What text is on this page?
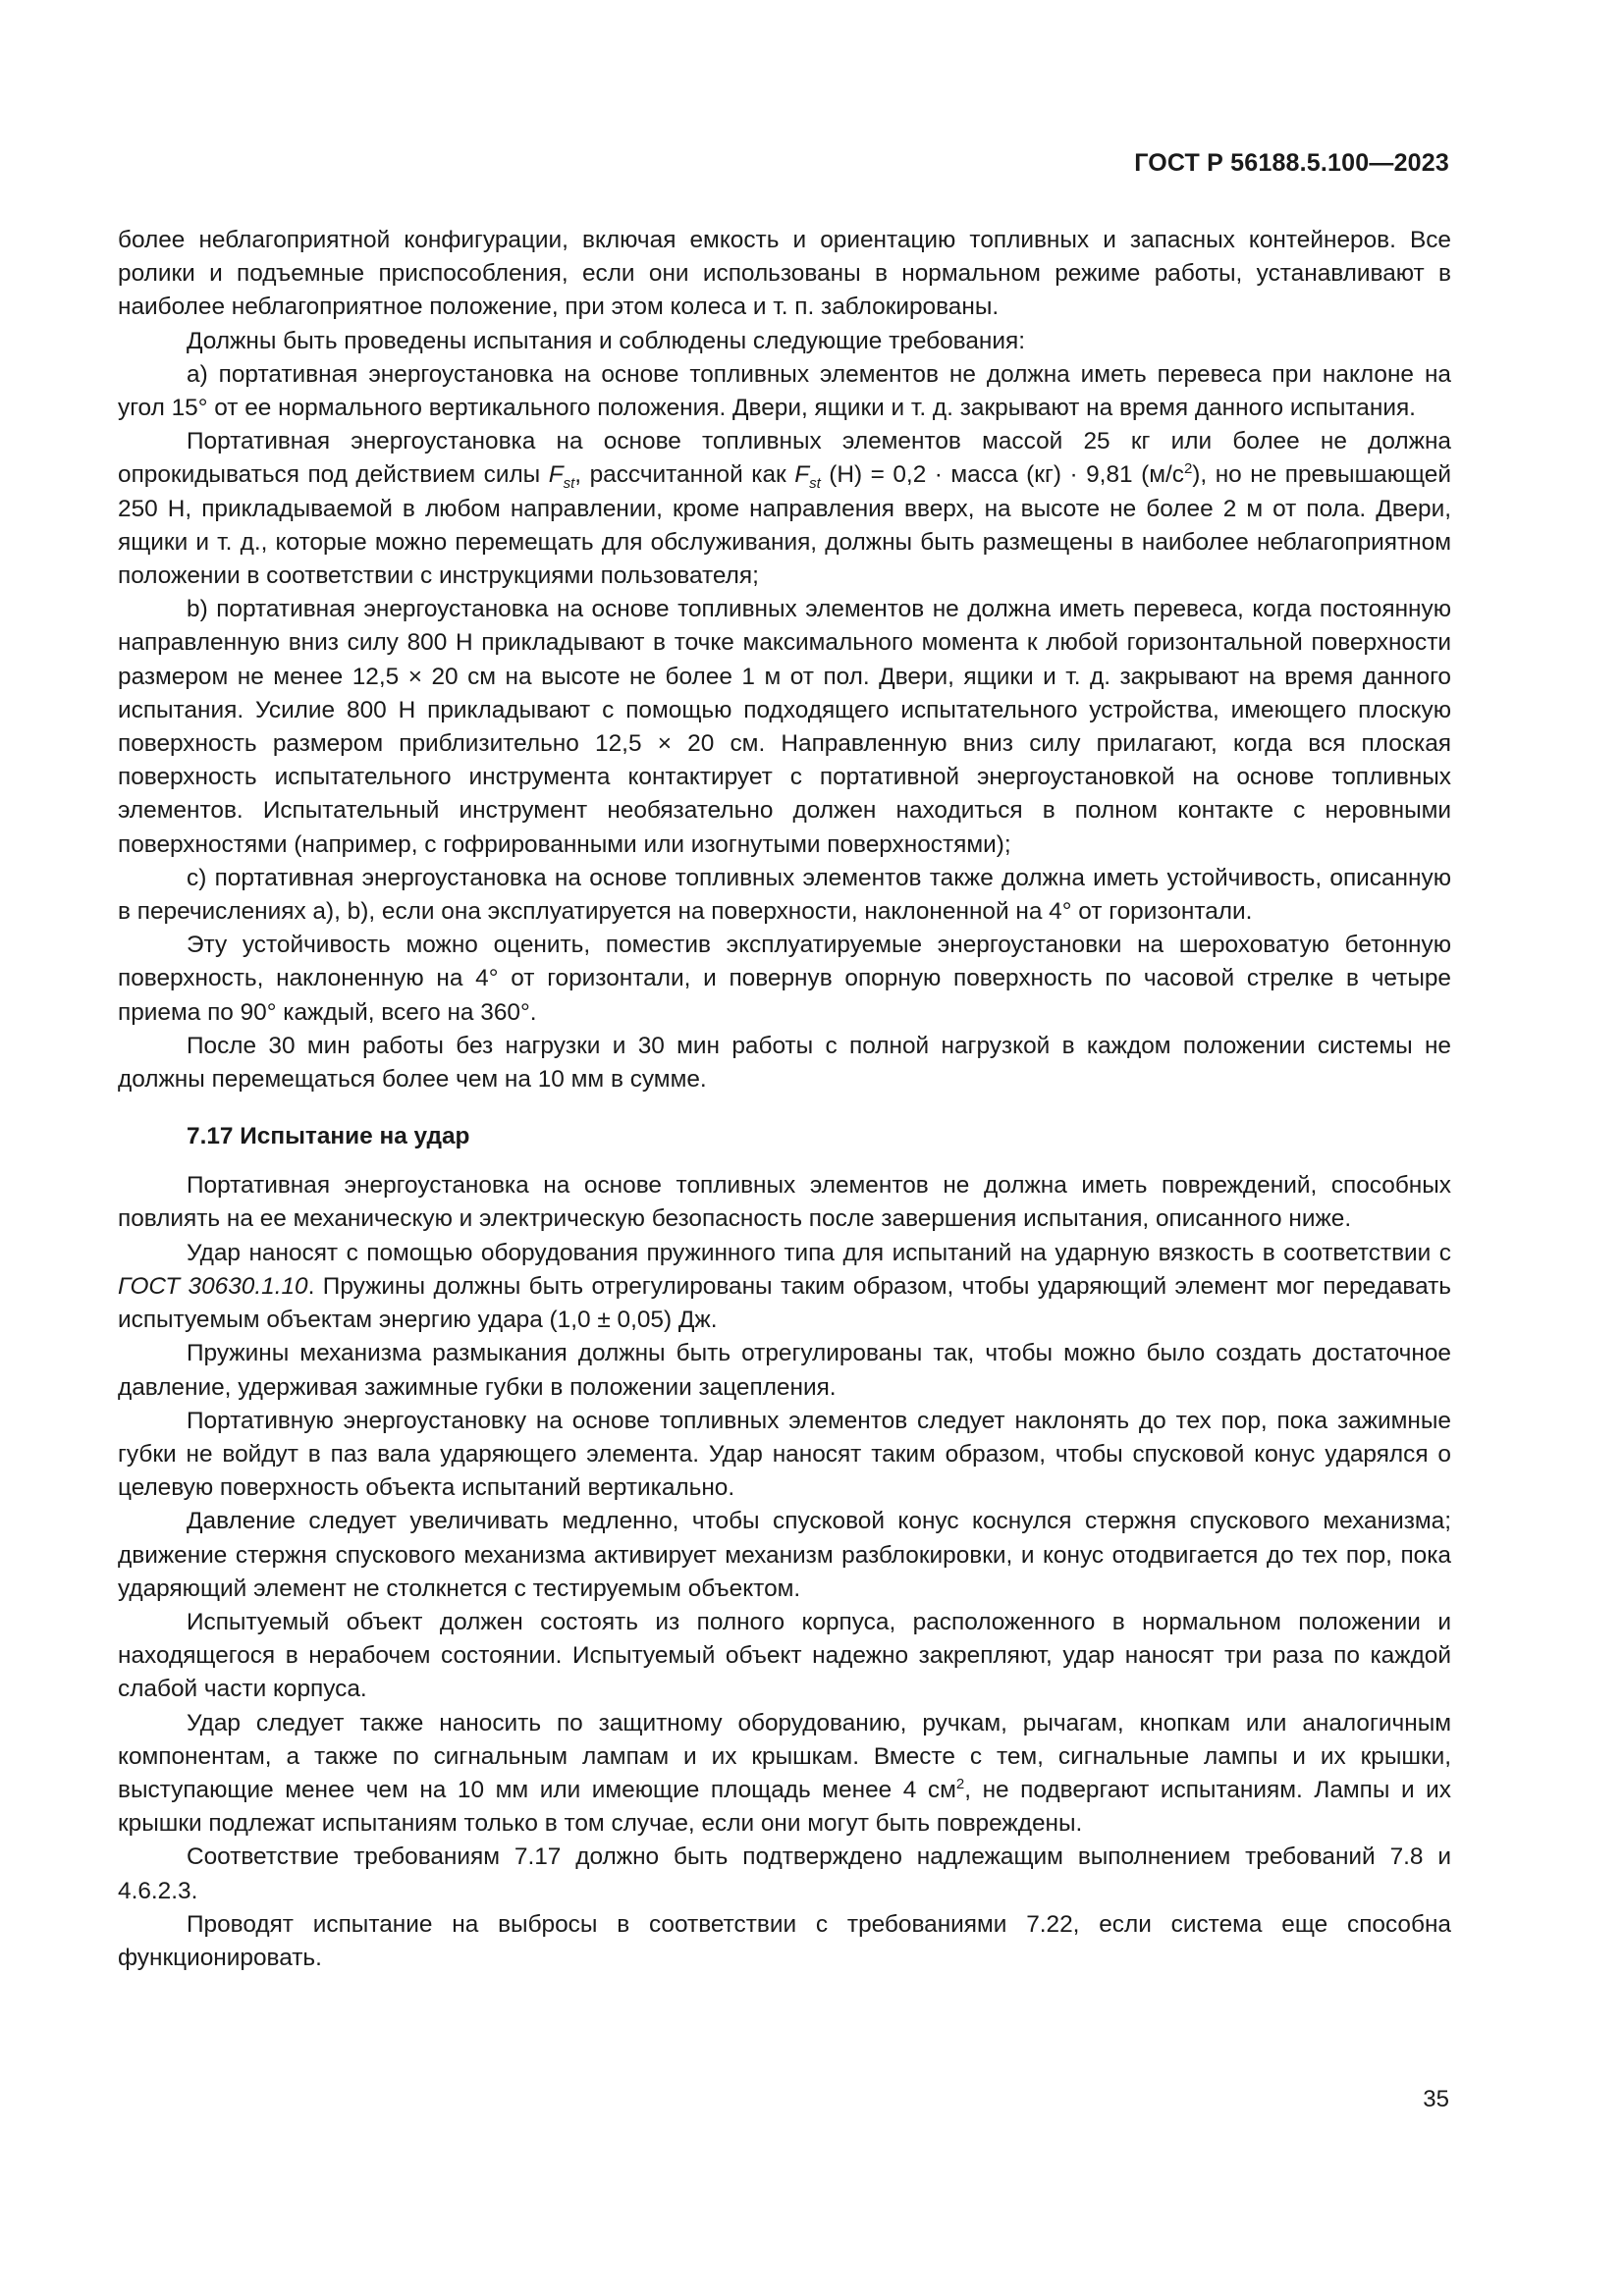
ГОСТ Р 56188.5.100—2023

более неблагоприятной конфигурации, включая емкость и ориентацию топливных и запасных контейнеров. Все ролики и подъемные приспособления, если они использованы в нормальном режиме работы, устанавливают в наиболее неблагоприятное положение, при этом колеса и т. п. заблокированы.

Должны быть проведены испытания и соблюдены следующие требования:

a) портативная энергоустановка на основе топливных элементов не должна иметь перевеса при наклоне на угол 15° от ее нормального вертикального положения. Двери, ящики и т. д. закрывают на время данного испытания.

Портативная энергоустановка на основе топливных элементов массой 25 кг или более не должна опрокидываться под действием силы $F_{st}$, рассчитанной как $F_{st}$ (Н) = 0,2 · масса (кг) · 9,81 $(м/с^2)$, но не превышающей 250 Н, прикладываемой в любом направлении, кроме направления вверх, на высоте не более 2 м от пола. Двери, ящики и т. д., которые можно перемещать для обслуживания, должны быть размещены в наиболее неблагоприятном положении в соответствии с инструкциями пользователя;

b) портативная энергоустановка на основе топливных элементов не должна иметь перевеса, когда постоянную направленную вниз силу 800 Н прикладывают в точке максимального момента к любой горизонтальной поверхности размером не менее 12,5 × 20 см на высоте не более 1 м от пол. Двери, ящики и т. д. закрывают на время данного испытания. Усилие 800 Н прикладывают с помощью подходящего испытательного устройства, имеющего плоскую поверхность размером приблизительно 12,5 × 20 см. Направленную вниз силу прилагают, когда вся плоская поверхность испытательного инструмента контактирует с портативной энергоустановкой на основе топливных элементов. Испытательный инструмент необязательно должен находиться в полном контакте с неровными поверхностями (например, с гофрированными или изогнутыми поверхностями);

c) портативная энергоустановка на основе топливных элементов также должна иметь устойчивость, описанную в перечислениях a), b), если она эксплуатируется на поверхности, наклоненной на 4° от горизонтали.

Эту устойчивость можно оценить, поместив эксплуатируемые энергоустановки на шероховатую бетонную поверхность, наклоненную на 4° от горизонтали, и повернув опорную поверхность по часовой стрелке в четыре приема по 90° каждый, всего на 360°.

После 30 мин работы без нагрузки и 30 мин работы с полной нагрузкой в каждом положении системы не должны перемещаться более чем на 10 мм в сумме.

7.17 Испытание на удар

Портативная энергоустановка на основе топливных элементов не должна иметь повреждений, способных повлиять на ее механическую и электрическую безопасность после завершения испытания, описанного ниже.

Удар наносят с помощью оборудования пружинного типа для испытаний на ударную вязкость в соответствии с ГОСТ 30630.1.10. Пружины должны быть отрегулированы таким образом, чтобы ударяющий элемент мог передавать испытуемым объектам энергию удара (1,0 ± 0,05) Дж.

Пружины механизма размыкания должны быть отрегулированы так, чтобы можно было создать достаточное давление, удерживая зажимные губки в положении зацепления.

Портативную энергоустановку на основе топливных элементов следует наклонять до тех пор, пока зажимные губки не войдут в паз вала ударяющего элемента. Удар наносят таким образом, чтобы спусковой конус ударялся о целевую поверхность объекта испытаний вертикально.

Давление следует увеличивать медленно, чтобы спусковой конус коснулся стержня спускового механизма; движение стержня спускового механизма активирует механизм разблокировки, и конус отодвигается до тех пор, пока ударяющий элемент не столкнется с тестируемым объектом.

Испытуемый объект должен состоять из полного корпуса, расположенного в нормальном положении и находящегося в нерабочем состоянии. Испытуемый объект надежно закрепляют, удар наносят три раза по каждой слабой части корпуса.

Удар следует также наносить по защитному оборудованию, ручкам, рычагам, кнопкам или аналогичным компонентам, а также по сигнальным лампам и их крышкам. Вместе с тем, сигнальные лампы и их крышки, выступающие менее чем на 10 мм или имеющие площадь менее 4 $см^2$, не подвергают испытаниям. Лампы и их крышки подлежат испытаниям только в том случае, если они могут быть повреждены.

Соответствие требованиям 7.17 должно быть подтверждено надлежащим выполнением требований 7.8 и 4.6.2.3.

Проводят испытание на выбросы в соответствии с требованиями 7.22, если система еще способна функционировать.

35
